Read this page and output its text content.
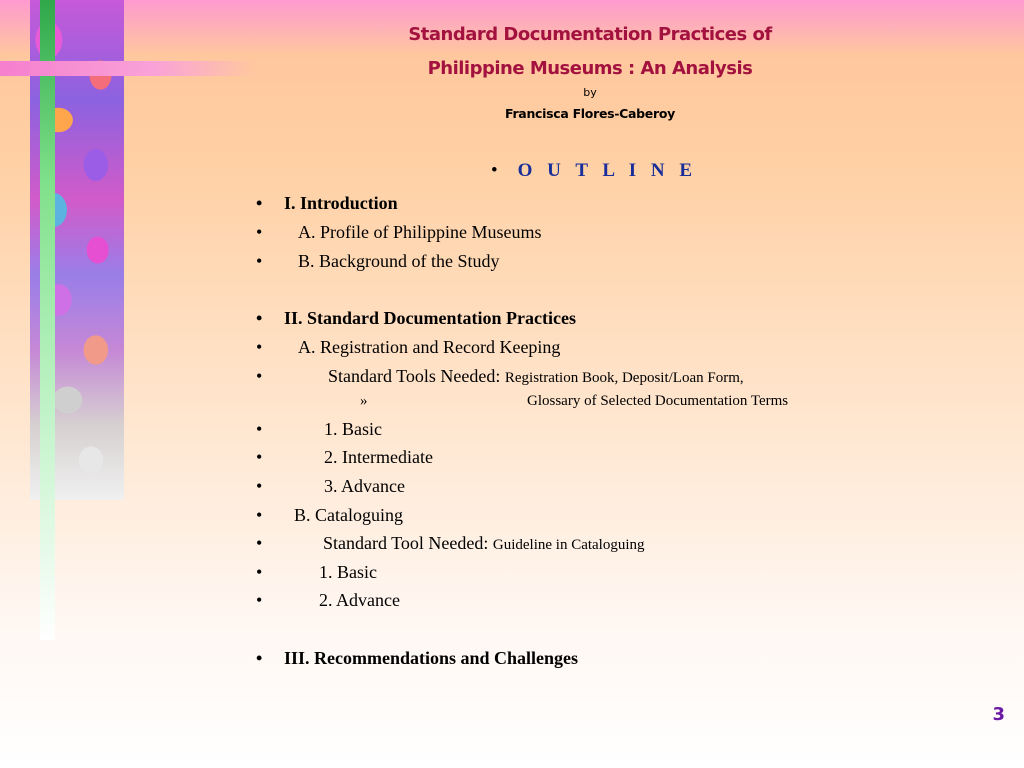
Standard Documentation Practices of
Philippine Museums : An Analysis
by
Francisca Flores-Caberoy
• O U T L I N E
• I. Introduction
• A. Profile of Philippine Museums
• B. Background of the Study
• II. Standard Documentation Practices
• A. Registration and Record Keeping
•	Standard Tools Needed: Registration Book, Deposit/Loan Form,
»	Glossary of Selected Documentation Terms
•	1. Basic
•	2. Intermediate
•	3. Advance
• B. Cataloguing
•	Standard Tool Needed: Guideline in Cataloguing
•	1. Basic
•	2. Advance
• III. Recommendations and Challenges
3
